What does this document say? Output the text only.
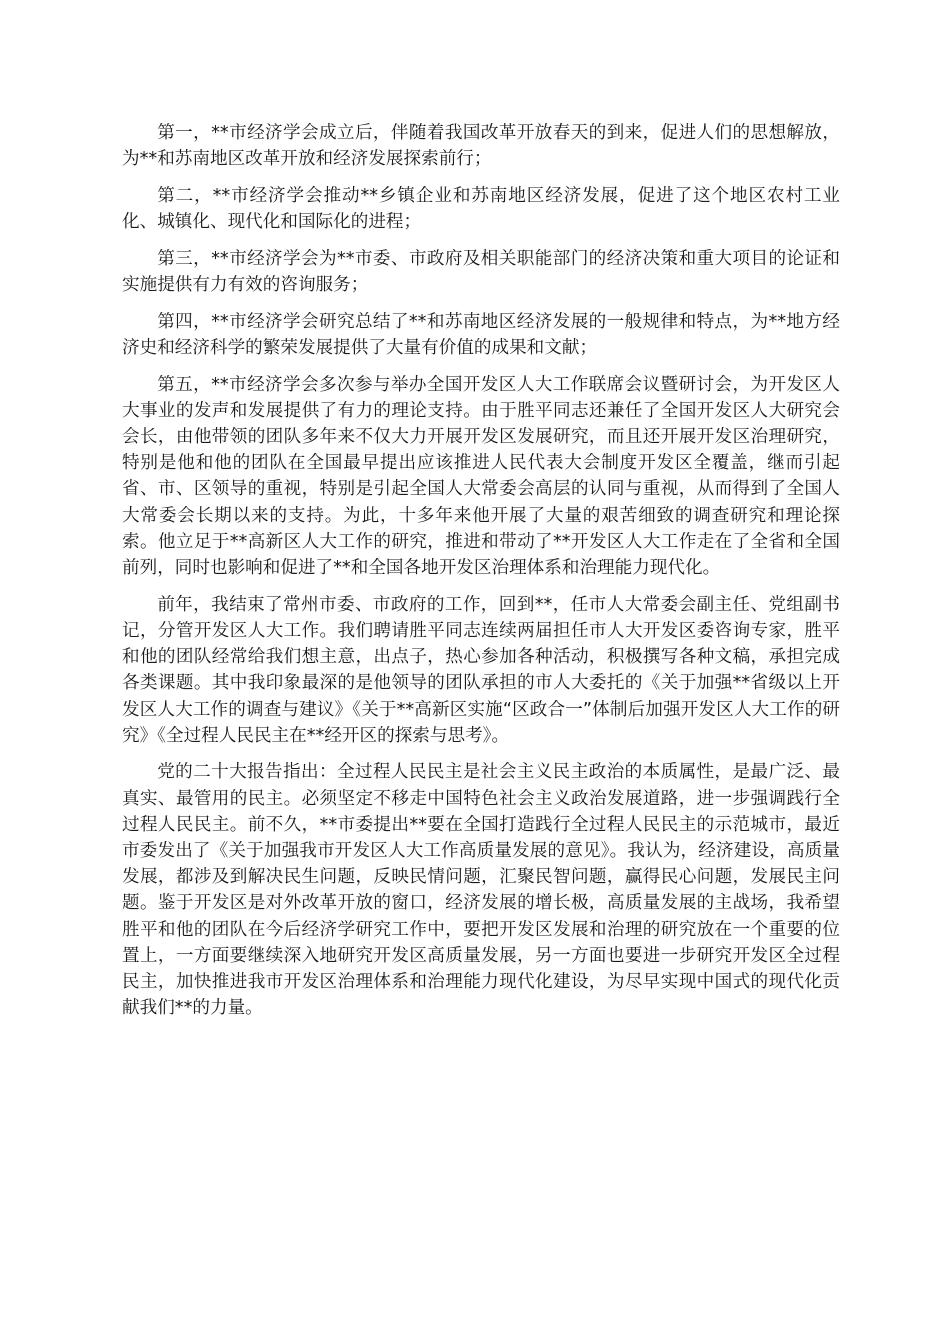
第一，**市经济学会成立后，伴随着我国改革开放春天的到来，促进人们的思想解放，为**和苏南地区改革开放和经济发展探索前行；

第二，**市经济学会推动**乡镇企业和苏南地区经济发展，促进了这个地区农村工业化、城镇化、现代化和国际化的进程；

第三，**市经济学会为**市委、市政府及相关职能部门的经济决策和重大项目的论证和实施提供有力有效的咨询服务；

第四，**市经济学会研究总结了**和苏南地区经济发展的一般规律和特点，为**地方经济史和经济科学的繁荣发展提供了大量有价值的成果和文献；

第五，**市经济学会多次参与举办全国开发区人大工作联席会议暨研讨会，为开发区人大事业的发声和发展提供了有力的理论支持。由于胜平同志还兼任了全国开发区人大研究会会长，由他带领的团队多年来不仅大力开展开发区发展研究，而且还开展开发区治理研究，特别是他和他的团队在全国最早提出应该推进人民代表大会制度开发区全覆盖，继而引起省、市、区领导的重视，特别是引起全国人大常委会高层的认同与重视，从而得到了全国人大常委会长期以来的支持。为此，十多年来他开展了大量的艰苦细致的调查研究和理论探索。他立足于**高新区人大工作的研究，推进和带动了**开发区人大工作走在了全省和全国前列，同时也影响和促进了**和全国各地开发区治理体系和治理能力现代化。

前年，我结束了常州市委、市政府的工作，回到**，任市人大常委会副主任、党组副书记，分管开发区人大工作。我们聘请胜平同志连续两届担任市人大开发区委咨询专家，胜平和他的团队经常给我们想主意，出点子，热心参加各种活动，积极撰写各种文稿，承担完成各类课题。其中我印象最深的是他领导的团队承担的市人大委托的《关于加强**省级以上开发区人大工作的调查与建议》《关于**高新区实施“区政合一”体制后加强开发区人大工作的研究》《全过程人民民主在**经开区的探索与思考》。

党的二十大报告指出：全过程人民民主是社会主义民主政治的本质属性，是最广泛、最真实、最管用的民主。必须坚定不移走中国特色社会主义政治发展道路，进一步强调践行全过程人民民主。前不久，**市委提出**要在全国打造践行全过程人民民主的示范城市，最近市委发出了《关于加强我市开发区人大工作高质量发展的意见》。我认为，经济建设，高质量发展，都涉及到解决民生问题，反映民情问题，汇聚民智问题，赢得民心问题，发展民主问题。鉴于开发区是对外改革开放的窗口，经济发展的增长极，高质量发展的主战场，我希望胜平和他的团队在今后经济学研究工作中，要把开发区发展和治理的研究放在一个重要的位置上，一方面要继续深入地研究开发区高质量发展，另一方面也要进一步研究开发区全过程民主，加快推进我市开发区治理体系和治理能力现代化建设，为尽早实现中国式的现代化贡献我们**的力量。
